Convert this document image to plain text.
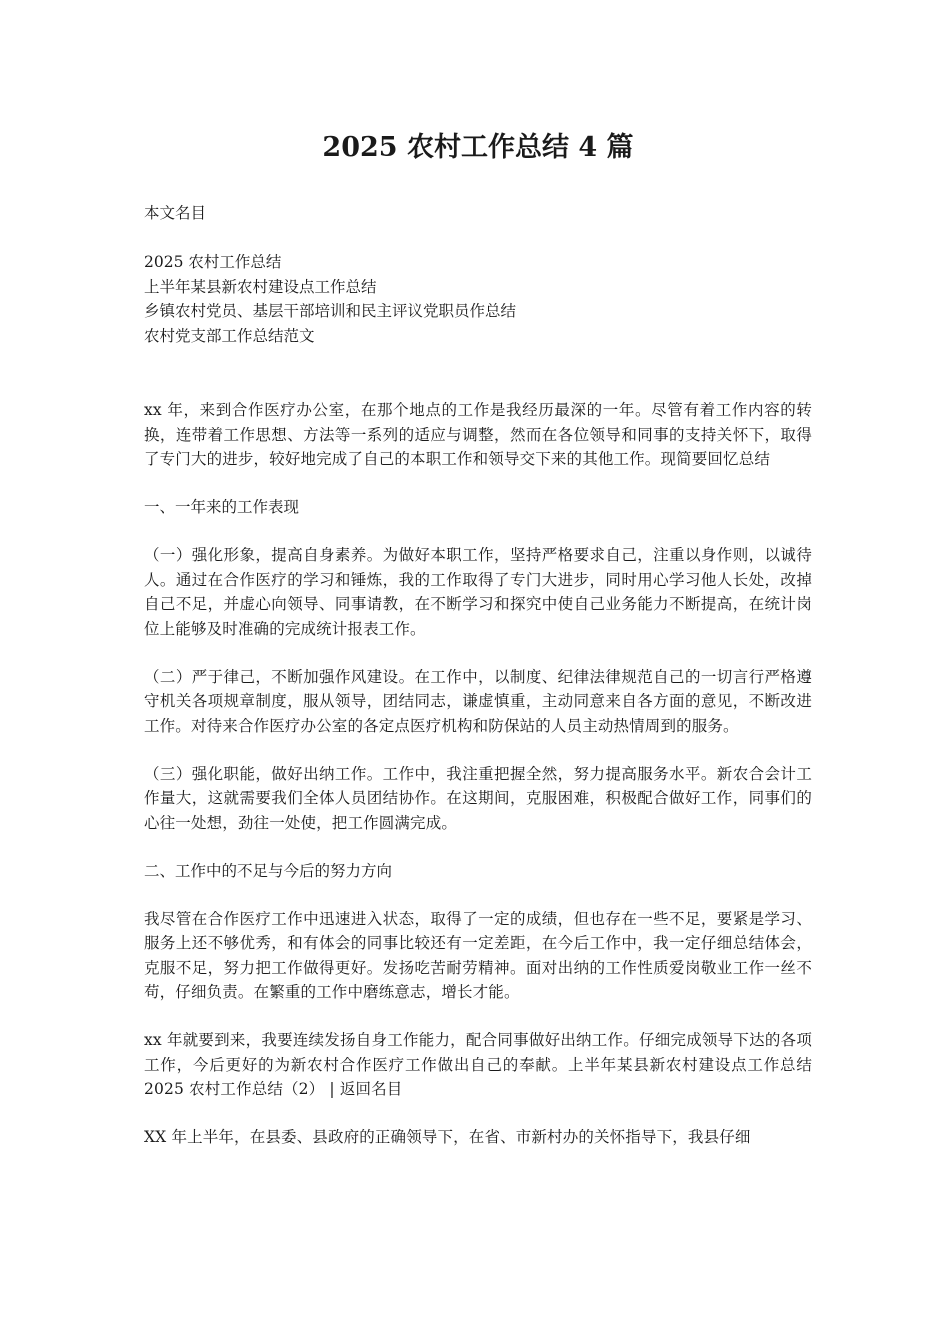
2025 农村工作总结 4 篇

本文名目

2025 农村工作总结
上半年某县新农村建设点工作总结
乡镇农村党员、基层干部培训和民主评议党职员作总结
农村党支部工作总结范文

xx 年，来到合作医疗办公室，在那个地点的工作是我经历最深的一年。尽管有着工作内容的转换，连带着工作思想、方法等一系列的适应与调整，然而在各位领导和同事的支持关怀下，取得了专门大的进步，较好地完成了自己的本职工作和领导交下来的其他工作。现简要回忆总结

一、一年来的工作表现

（一）强化形象，提高自身素养。为做好本职工作，坚持严格要求自己，注重以身作则，以诚待人。通过在合作医疗的学习和锤炼，我的工作取得了专门大进步，同时用心学习他人长处，改掉自己不足，并虚心向领导、同事请教，在不断学习和探究中使自己业务能力不断提高，在统计岗位上能够及时准确的完成统计报表工作。

（二）严于律己，不断加强作风建设。在工作中，以制度、纪律法律规范自己的一切言行严格遵守机关各项规章制度，服从领导，团结同志，谦虚慎重，主动同意来自各方面的意见，不断改进工作。对待来合作医疗办公室的各定点医疗机构和防保站的人员主动热情周到的服务。

（三）强化职能，做好出纳工作。工作中，我注重把握全然，努力提高服务水平。新农合会计工作量大，这就需要我们全体人员团结协作。在这期间，克服困难，积极配合做好工作，同事们的心往一处想，劲往一处使，把工作圆满完成。

二、工作中的不足与今后的努力方向

我尽管在合作医疗工作中迅速进入状态，取得了一定的成绩，但也存在一些不足，要紧是学习、服务上还不够优秀，和有体会的同事比较还有一定差距，在今后工作中，我一定仔细总结体会，克服不足，努力把工作做得更好。发扬吃苦耐劳精神。面对出纳的工作性质爱岗敬业工作一丝不苟，仔细负责。在繁重的工作中磨练意志，增长才能。

xx 年就要到来，我要连续发扬自身工作能力，配合同事做好出纳工作。仔细完成领导下达的各项工作，今后更好的为新农村合作医疗工作做出自己的奉献。上半年某县新农村建设点工作总结 2025 农村工作总结（2） | 返回名目

XX 年上半年，在县委、县政府的正确领导下，在省、市新村办的关怀指导下，我县仔细
